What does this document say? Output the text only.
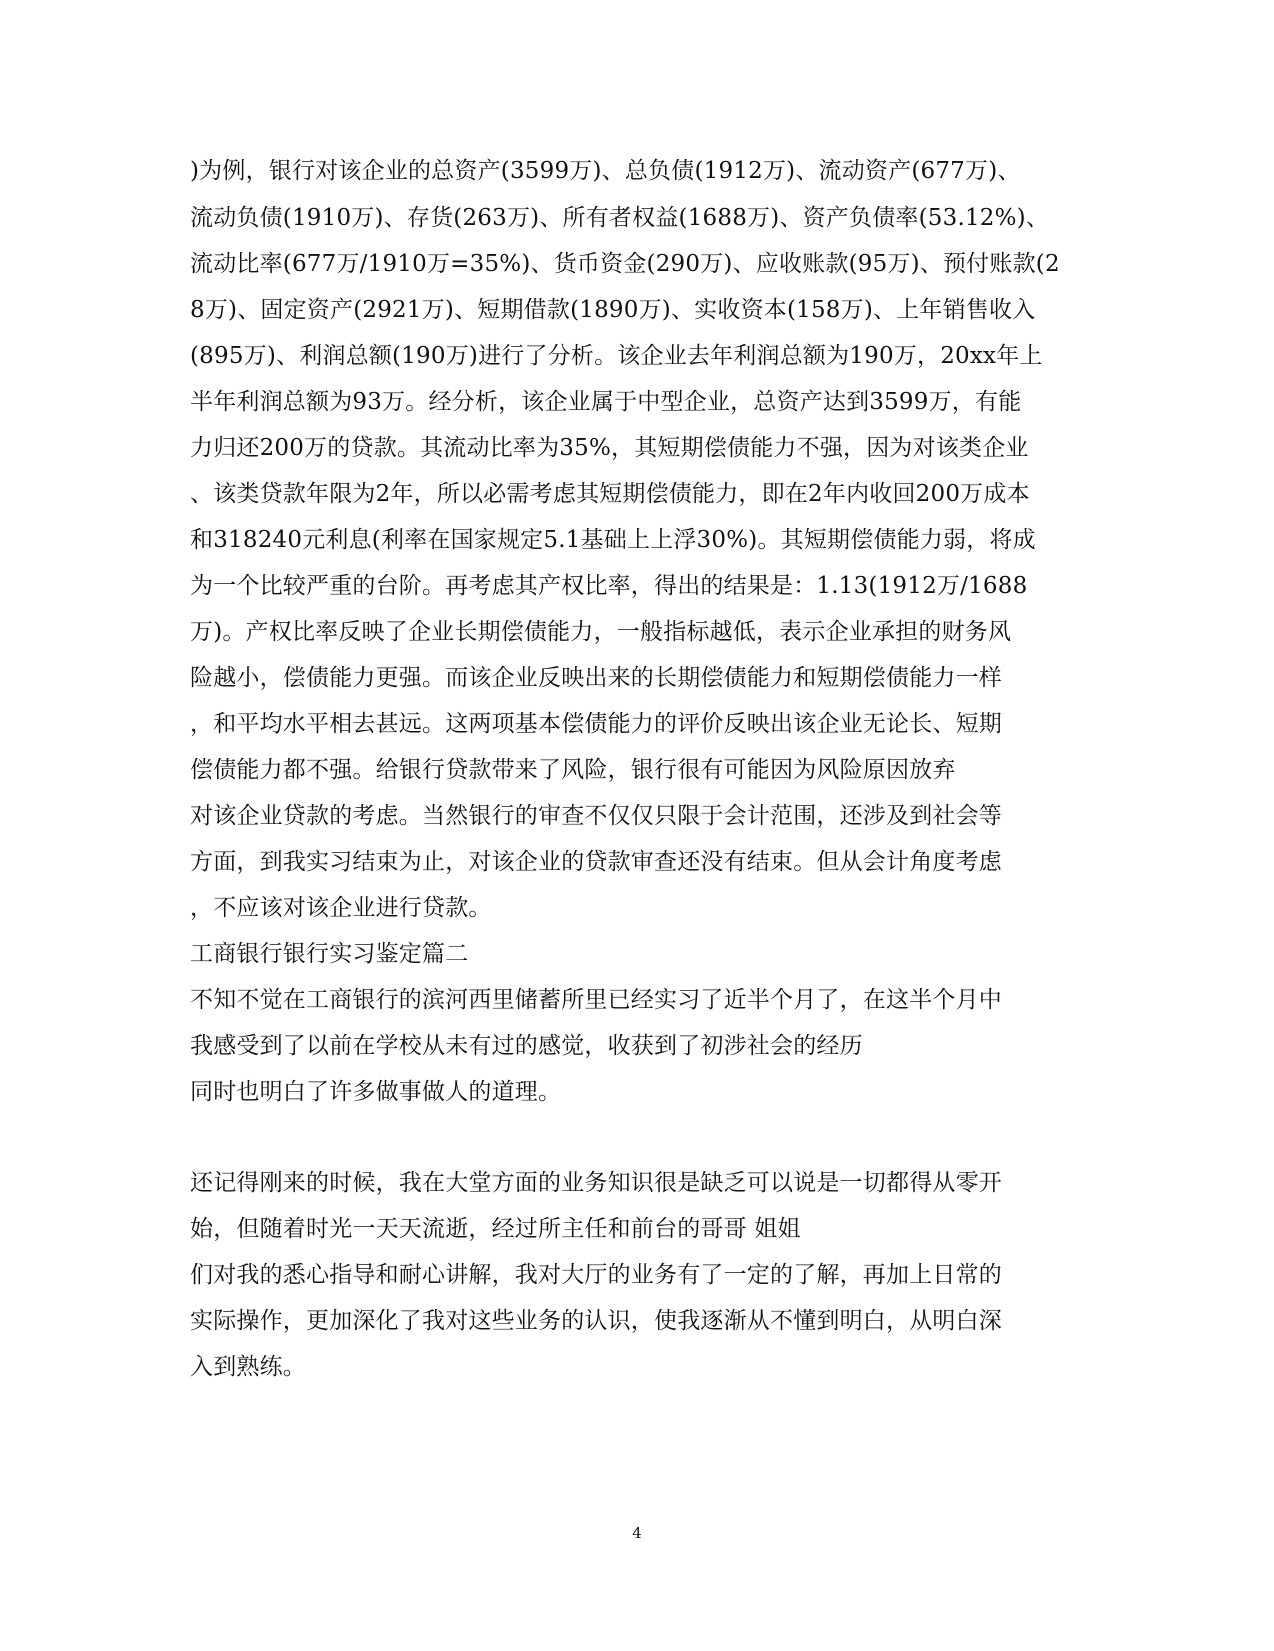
)为例，银行对该企业的总资产(3599万)、总负债(1912万)、流动资产(677万)、
流动负债(1910万)、存货(263万)、所有者权益(1688万)、资产负债率(53.12%)、
流动比率(677万/1910万=35%)、货币资金(290万)、应收账款(95万)、预付账款(2
8万)、固定资产(2921万)、短期借款(1890万)、实收资本(158万)、上年销售收入
(895万)、利润总额(190万)进行了分析。该企业去年利润总额为190万，20xx年上
半年利润总额为93万。经分析，该企业属于中型企业，总资产达到3599万，有能
力归还200万的贷款。其流动比率为35%，其短期偿债能力不强，因为对该类企业
、该类贷款年限为2年，所以必需考虑其短期偿债能力，即在2年内收回200万成本
和318240元利息(利率在国家规定5.1基础上上浮30%)。其短期偿债能力弱，将成
为一个比较严重的台阶。再考虑其产权比率，得出的结果是：1.13(1912万/1688
万)。产权比率反映了企业长期偿债能力，一般指标越低，表示企业承担的财务风
险越小，偿债能力更强。而该企业反映出来的长期偿债能力和短期偿债能力一样
，和平均水平相去甚远。这两项基本偿债能力的评价反映出该企业无论长、短期
偿债能力都不强。给银行贷款带来了风险，银行很有可能因为风险原因放弃
对该企业贷款的考虑。当然银行的审查不仅仅只限于会计范围，还涉及到社会等
方面，到我实习结束为止，对该企业的贷款审查还没有结束。但从会计角度考虑
，不应该对该企业进行贷款。
工商银行银行实习鉴定篇二
不知不觉在工商银行的滨河西里储蓄所里已经实习了近半个月了，在这半个月中
我感受到了以前在学校从未有过的感觉，收获到了初涉社会的经历
同时也明白了许多做事做人的道理。
还记得刚来的时候，我在大堂方面的业务知识很是缺乏可以说是一切都得从零开
始，但随着时光一天天流逝，经过所主任和前台的哥哥 姐姐
们对我的悉心指导和耐心讲解，我对大厅的业务有了一定的了解，再加上日常的
实际操作，更加深化了我对这些业务的认识，使我逐渐从不懂到明白，从明白深
入到熟练。
4
